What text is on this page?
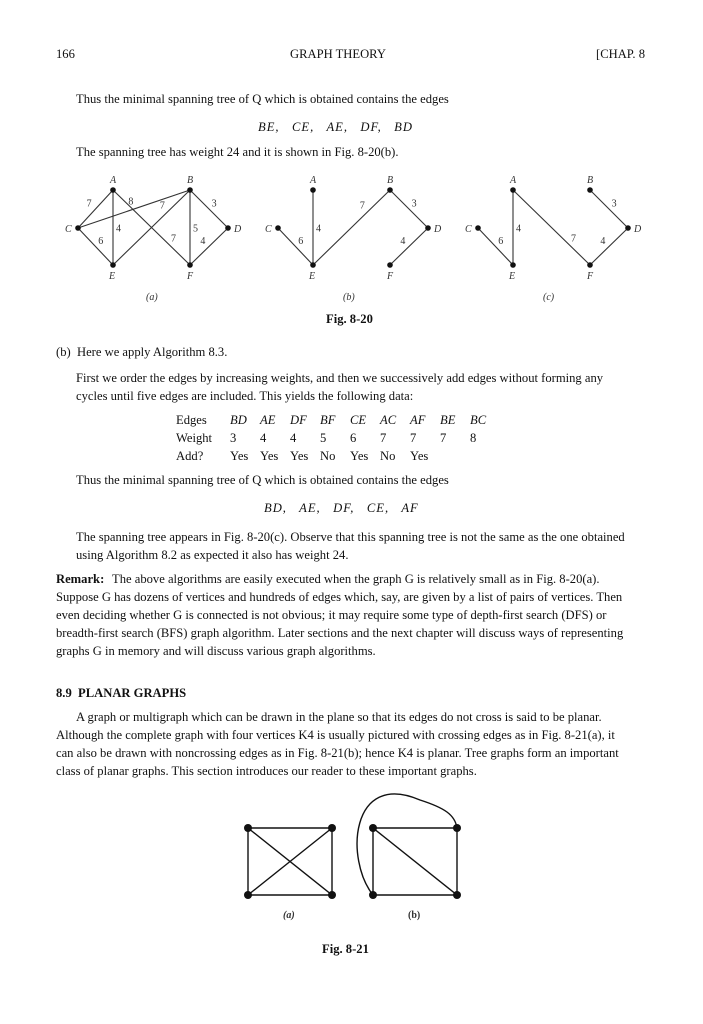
166	GRAPH THEORY	[CHAP. 8
Thus the minimal spanning tree of Q which is obtained contains the edges
BE,   CE,   AE,   DF,   BD
The spanning tree has weight 24 and it is shown in Fig. 8-20(b).
7	8
6
4
7
7
5
3
4
A	B
C	D
E	F
(a)
6
4
7	3
4
A	B
C	D
E	F
(b)
4
6	7
3
4
A	B
C	D
E	F
(c)
(a)	(b)
Fig. 8-20
(b)  Here we apply Algorithm 8.3.
First we order the edges by increasing weights, and then we successively add edges without forming any
cycles until five edges are included. This yields the following data:
Edges	BD	AE	DF	BF	CE	AC	AF	BE	BC
Weight	3	4	4	5	6	7	7	7	8
Add?	Yes	Yes	Yes	No	Yes	No	Yes		
Thus the minimal spanning tree of Q which is obtained contains the edges
BD,   AE,   DF,   CE,   AF
The spanning tree appears in Fig. 8-20(c). Observe that this spanning tree is not the same as the one obtained
using Algorithm 8.2 as expected it also has weight 24.
Remark: The above algorithms are easily executed when the graph G is relatively small as in Fig. 8-20(a).
Suppose G has dozens of vertices and hundreds of edges which, say, are given by a list of pairs of vertices. Then
even deciding whether G is connected is not obvious; it may require some type of depth-first search (DFS) or
breadth-first search (BFS) graph algorithm. Later sections and the next chapter will discuss ways of representing
graphs G in memory and will discuss various graph algorithms.
8.9  PLANAR GRAPHS
A graph or multigraph which can be drawn in the plane so that its edges do not cross is said to be planar.
Although the complete graph with four vertices K4 is usually pictured with crossing edges as in Fig. 8-21(a), it
can also be drawn with noncrossing edges as in Fig. 8-21(b); hence K4 is planar. Tree graphs form an important
class of planar graphs. This section introduces our reader to these important graphs.
Fig. 8-21
